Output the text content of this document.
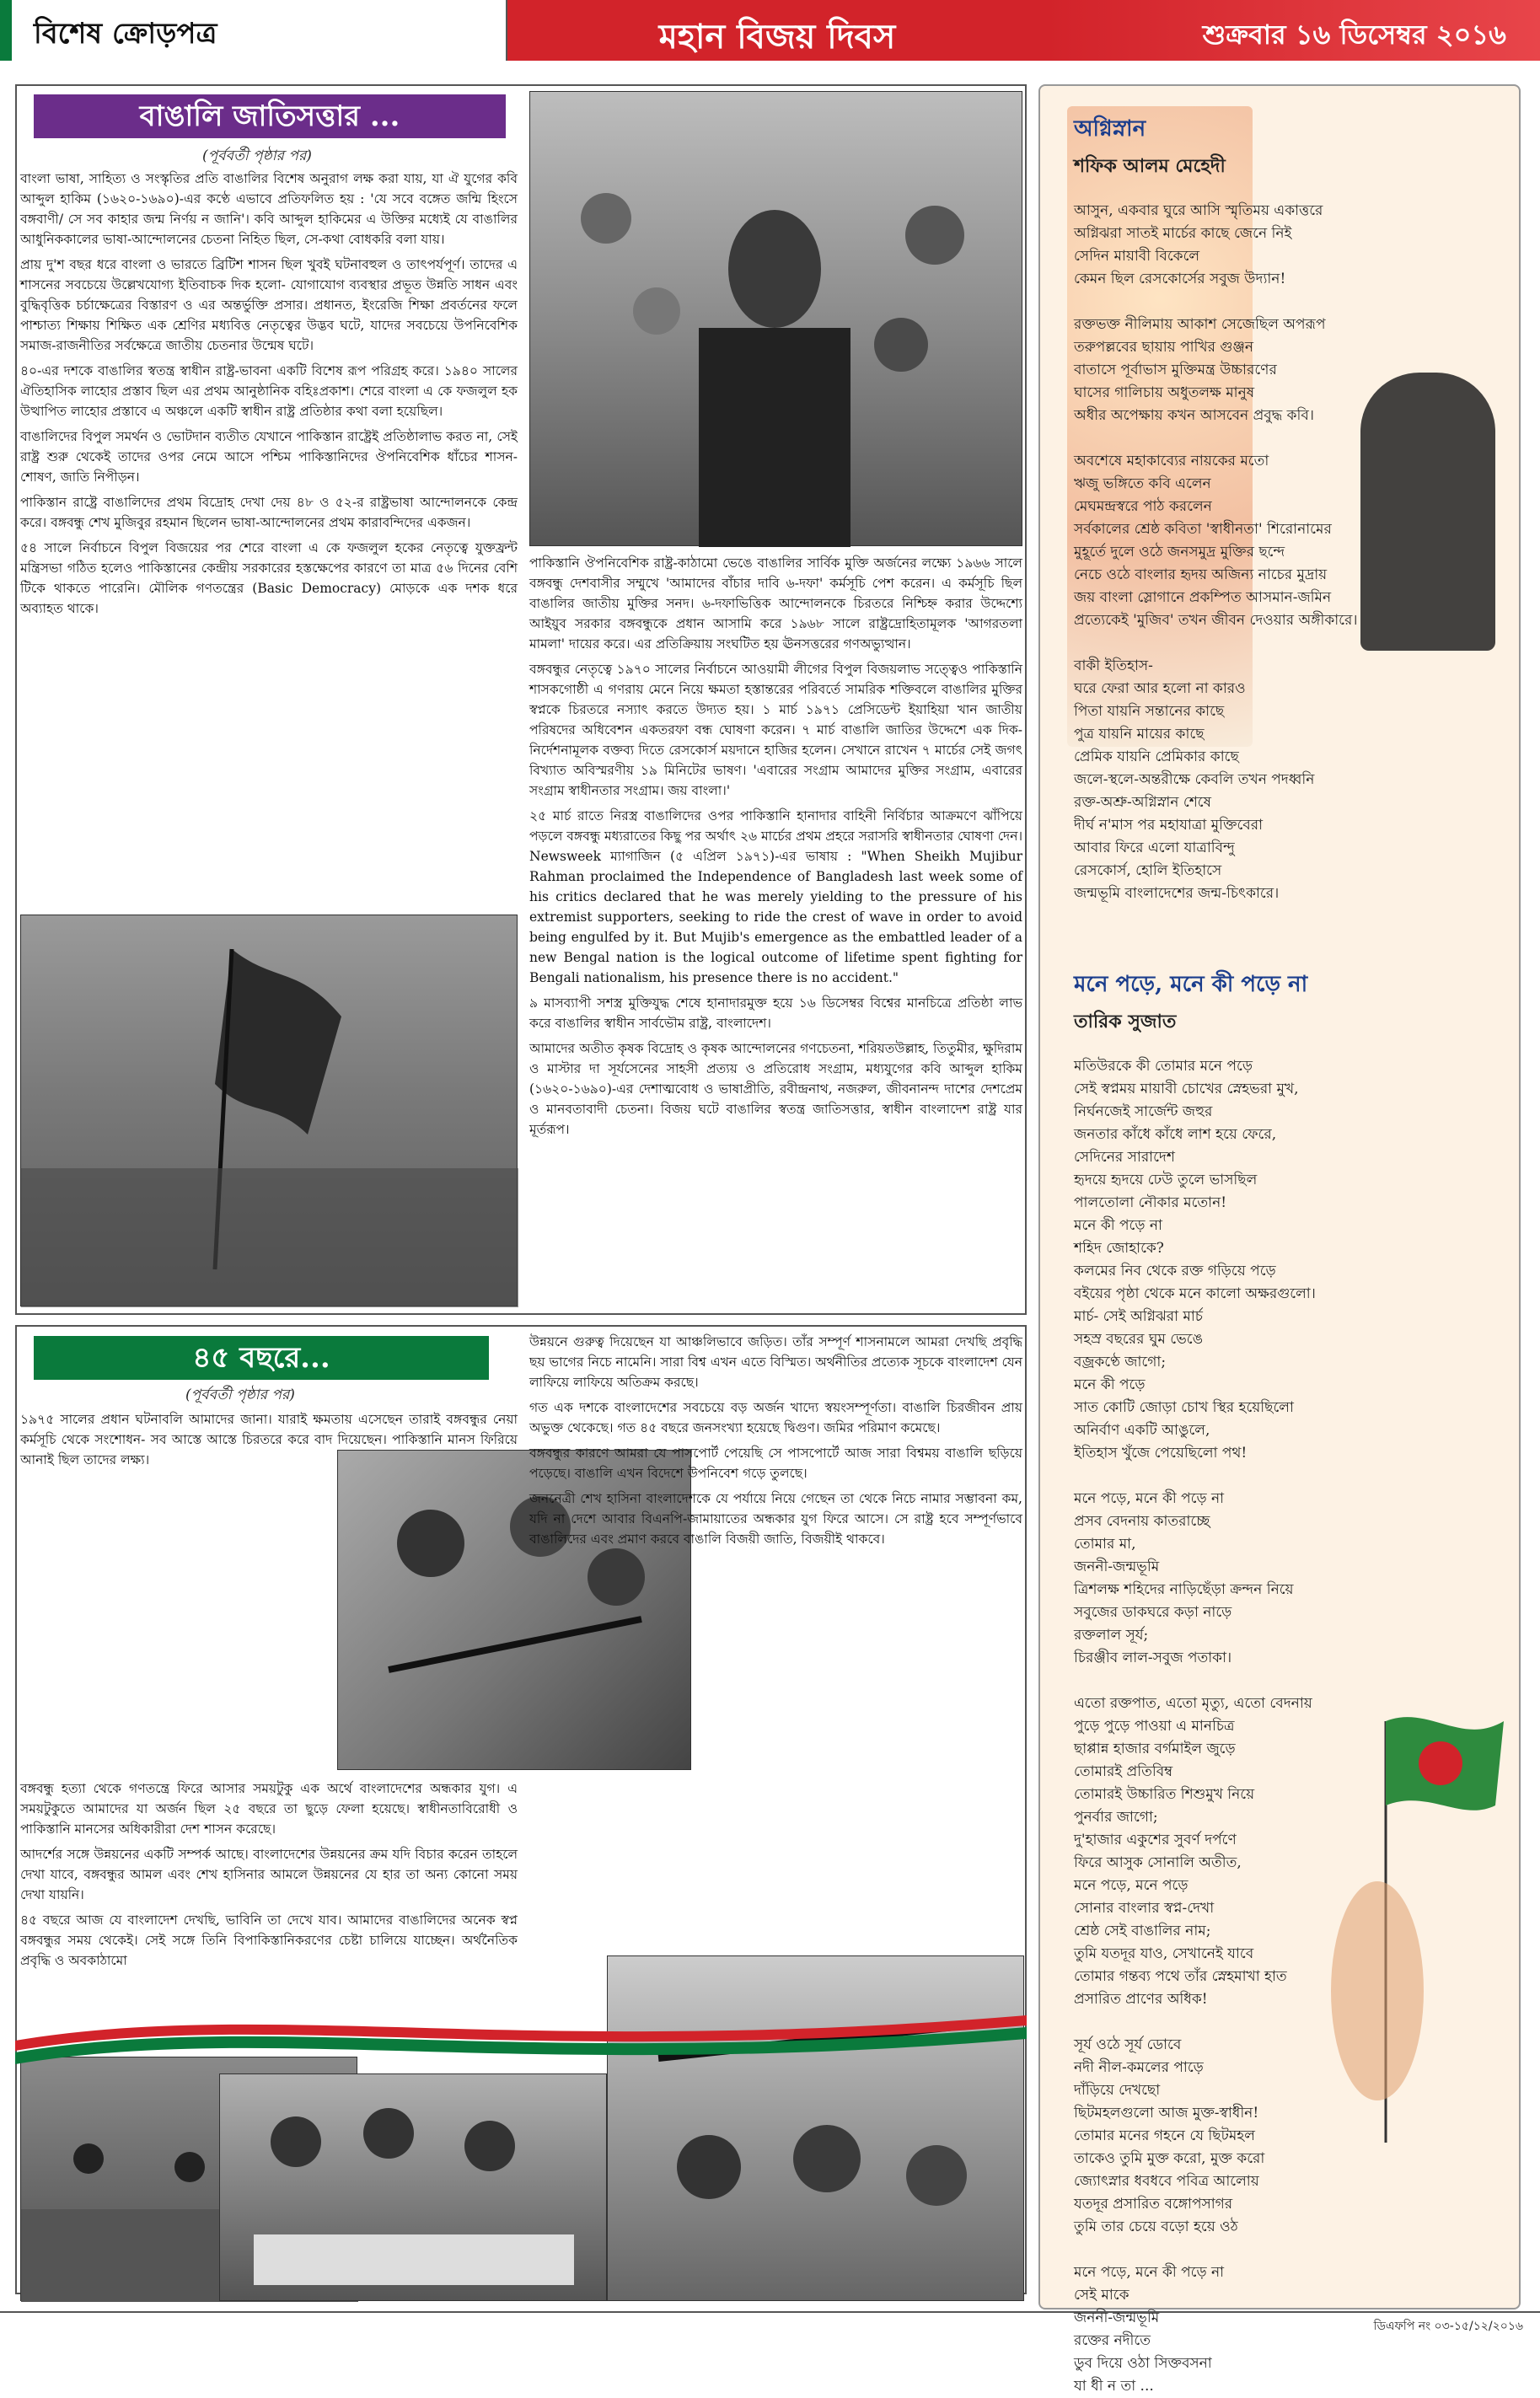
বিশেষ ক্রোড়পত্র	মহান বিজয় দিবস	শুক্রবার ১৬ ডিসেম্বর ২০১৬
বাঙালি জাতিসত্তার ...
(পূর্ববর্তী পৃষ্ঠার পর)

বাংলা ভাষা, সাহিত্য ও সংস্কৃতির প্রতি বাঙালির বিশেষ অনুরাগ লক্ষ করা যায়, যা ঐ যুগের কবি আব্দুল হাকিম (১৬২০-১৬৯০)-এর কণ্ঠে এভাবে প্রতিফলিত হয় : 'যে সবে বঙ্গেত জন্মি হিংসে বঙ্গবাণী/ সে সব কাহার জন্ম নির্ণয় ন জানি'। কবি আব্দুল হাকিমের এ উক্তির মধ্যেই যে বাঙালির আধুনিককালের ভাষা-আন্দোলনের চেতনা নিহিত ছিল, সে-কথা বোধকরি বলা যায়।

প্রায় দু'শ বছর ধরে বাংলা ও ভারতে ব্রিটিশ শাসন ছিল খুবই ঘটনাবহুল ও তাৎপর্যপূর্ণ। তাদের এ শাসনের সবচেয়ে উল্লেখযোগ্য ইতিবাচক দিক হলো- যোগাযোগ ব্যবস্থার প্রভূত উন্নতি সাধন এবং বুদ্ধিবৃত্তিক চর্চাক্ষেত্রের বিস্তারণ ও এর অন্তর্ভুক্তি প্রসার। প্রধানত, ইংরেজি শিক্ষা প্রবর্তনের ফলে পাশ্চাত্য শিক্ষায় শিক্ষিত এক শ্রেণির মধ্যবিত্ত নেতৃত্বের উদ্ভব ঘটে, যাদের সবচেয়ে উপনিবেশিক সমাজ-রাজনীতির সর্বক্ষেত্রে জাতীয় চেতনার উন্মেষ ঘটে।

৪০-এর দশকে বাঙালির স্বতন্ত্র স্বাধীন রাষ্ট্র-ভাবনা একটি বিশেষ রূপ পরিগ্রহ করে। ১৯৪০ সালের ঐতিহাসিক লাহোর প্রস্তাব ছিল এর প্রথম আনুষ্ঠানিক বহিঃপ্রকাশ। শেরে বাংলা এ কে ফজলুল হক উত্থাপিত লাহোর প্রস্তাবে এ অঞ্চলে একটি স্বাধীন রাষ্ট্র প্রতিষ্ঠার কথা বলা হয়েছিল।

বাঙালিদের বিপুল সমর্থন ও ভোটদান ব্যতীত যেখানে পাকিস্তান রাষ্ট্রেই প্রতিষ্ঠালাভ করত না, সেই রাষ্ট্র শুরু থেকেই তাদের ওপর নেমে আসে পশ্চিম পাকিস্তানিদের ঔপনিবেশিক ধাঁচের শাসন-শোষণ, জাতি নিপীড়ন।

পাকিস্তান রাষ্ট্রে বাঙালিদের প্রথম বিদ্রোহ দেখা দেয় ৪৮ ও ৫২-র রাষ্ট্রভাষা আন্দোলনকে কেন্দ্র করে। বঙ্গবন্ধু শেখ মুজিবুর রহমান ছিলেন ভাষা-আন্দোলনের প্রথম কারাবন্দিদের একজন।

৫৪ সালে নির্বাচনে বিপুল বিজয়ের পর শেরে বাংলা এ কে ফজলুল হকের নেতৃত্বে যুক্তফ্রন্ট মন্ত্রিসভা গঠিত হলেও পাকিস্তানের কেন্দ্রীয় সরকারের হস্তক্ষেপের কারণে তা মাত্র ৫৬ দিনের বেশি টিকে থাকতে পারেনি। মৌলিক গণতন্ত্রের (Basic Democracy) মোড়কে এক দশক ধরে অব্যাহত থাকে।

পাকিস্তানি ঔপনিবেশিক রাষ্ট্র-কাঠামো ভেঙে বাঙালির সার্বিক মুক্তি অর্জনের লক্ষ্যে ১৯৬৬ সালে বঙ্গবন্ধু দেশবাসীর সম্মুখে 'আমাদের বাঁচার দাবি ৬-দফা' কর্মসূচি পেশ করেন। এ কর্মসূচি ছিল বাঙালির জাতীয় মুক্তির সনদ। ৬-দফাভিত্তিক আন্দোলনকে চিরতরে নিশ্চিহ্ন করার উদ্দেশ্যে আইয়ুব সরকার বঙ্গবন্ধুকে প্রধান আসামি করে ১৯৬৮ সালে রাষ্ট্রদ্রোহিতামূলক 'আগরতলা মামলা' দায়ের করে। এর প্রতিক্রিয়ায় সংঘটিত হয় ঊনসত্তরের গণঅভ্যুত্থান।

বঙ্গবন্ধুর নেতৃত্বে ১৯৭০ সালের নির্বাচনে আওয়ামী লীগের বিপুল বিজয়লাভ সত্ত্বেও পাকিস্তানি শাসকগোষ্ঠী এ গণরায় মেনে নিয়ে ক্ষমতা হস্তান্তরের পরিবর্তে সামরিক শক্তিবলে বাঙালির মুক্তির স্বপ্নকে চিরতরে নস্যাৎ করতে উদ্যত হয়। ১ মার্চ ১৯৭১ প্রেসিডেন্ট ইয়াহিয়া খান জাতীয় পরিষদের অধিবেশন একতরফা বন্ধ ঘোষণা করেন। ৭ মার্চ বাঙালি জাতির উদ্দেশে এক দিক-নির্দেশনামূলক বক্তব্য দিতে রেসকোর্স ময়দানে হাজির হলেন। সেখানে রাখেন ৭ মার্চের সেই জগৎ বিখ্যাত অবিস্মরণীয় ১৯ মিনিটের ভাষণ। 'এবারের সংগ্রাম আমাদের মুক্তির সংগ্রাম, এবারের সংগ্রাম স্বাধীনতার সংগ্রাম। জয় বাংলা।'

২৫ মার্চ রাতে নিরস্ত্র বাঙালিদের ওপর পাকিস্তানি হানাদার বাহিনী নির্বিচার আক্রমণে ঝাঁপিয়ে পড়লে বঙ্গবন্ধু মধ্যরাতের কিছু পর অর্থাৎ ২৬ মার্চের প্রথম প্রহরে সরাসরি স্বাধীনতার ঘোষণা দেন। Newsweek ম্যাগাজিন (৫ এপ্রিল ১৯৭১)-এর ভাষায় : "When Sheikh Mujibur Rahman proclaimed the Independence of Bangladesh last week some of his critics declared that he was merely yielding to the pressure of his extremist supporters, seeking to ride the crest of wave in order to avoid being engulfed by it. But Mujib's emergence as the embattled leader of a new Bengal nation is the logical outcome of lifetime spent fighting for Bengali nationalism, his presence there is no accident."

৯ মাসব্যাপী সশস্ত্র মুক্তিযুদ্ধ শেষে হানাদারমুক্ত হয়ে ১৬ ডিসেম্বর বিশ্বের মানচিত্রে প্রতিষ্ঠা লাভ করে বাঙালির স্বাধীন সার্বভৌম রাষ্ট্র, বাংলাদেশ।

আমাদের অতীত কৃষক বিদ্রোহ ও কৃষক আন্দোলনের গণচেতনা, শরিয়তউল্লাহ, তিতুমীর, ক্ষুদিরাম ও মাস্টার দা সূর্যসেনের সাহসী প্রত্যয় ও প্রতিরোধ সংগ্রাম, মধ্যযুগের কবি আব্দুল হাকিম (১৬২০-১৬৯০)-এর দেশাত্মবোধ ও ভাষাপ্রীতি, রবীন্দ্রনাথ, নজরুল, জীবনানন্দ দাশের দেশপ্রেম ও মানবতাবাদী চেতনা। বিজয় ঘটে বাঙালির স্বতন্ত্র জাতিসত্তার, স্বাধীন বাংলাদেশ রাষ্ট্র যার মূর্তরূপ।

৪৫ বছরে...
(পূর্ববর্তী পৃষ্ঠার পর)

১৯৭৫ সালের প্রধান ঘটনাবলি আমাদের জানা। যারাই ক্ষমতায় এসেছেন তারাই বঙ্গবন্ধুর নেয়া কর্মসূচি থেকে সংশোধন- সব আস্তে আস্তে চিরতরে করে বাদ দিয়েছেন। পাকিস্তানি মানস ফিরিয়ে আনাই ছিল তাদের লক্ষ্য।

বঙ্গবন্ধু হত্যা থেকে গণতন্ত্রে ফিরে আসার সময়টুকু এক অর্থে বাংলাদেশের অন্ধকার যুগ। এ সময়টুকুতে আমাদের যা অর্জন ছিল ২৫ বছরে তা ছুড়ে ফেলা হয়েছে। স্বাধীনতাবিরোধী ও পাকিস্তানি মানসের অধিকারীরা দেশ শাসন করেছে।

আদর্শের সঙ্গে উন্নয়নের একটি সম্পর্ক আছে। বাংলাদেশের উন্নয়নের ক্রম যদি বিচার করেন তাহলে দেখা যাবে, বঙ্গবন্ধুর আমল এবং শেখ হাসিনার আমলে উন্নয়নের যে হার তা অন্য কোনো সময় দেখা যায়নি।

৪৫ বছরে আজ যে বাংলাদেশ দেখছি, ভাবিনি তা দেখে যাব। আমাদের বাঙালিদের অনেক স্বপ্ন বঙ্গবন্ধুর সময় থেকেই। সেই সঙ্গে তিনি বিপাকিস্তানিকরণের চেষ্টা চালিয়ে যাচ্ছেন। অর্থনৈতিক প্রবৃদ্ধি ও অবকাঠামো

উন্নয়নে গুরুত্ব দিয়েছেন যা আঞ্চলিভাবে জড়িত। তাঁর সম্পূর্ণ শাসনামলে আমরা দেখছি প্রবৃদ্ধি ছয় ভাগের নিচে নামেনি। সারা বিশ্ব এখন এতে বিস্মিত। অর্থনীতির প্রত্যেক সূচকে বাংলাদেশ যেন লাফিয়ে লাফিয়ে অতিক্রম করছে।

গত এক দশকে বাংলাদেশের সবচেয়ে বড় অর্জন খাদ্যে স্বয়ংসম্পূর্ণতা। বাঙালি চিরজীবন প্রায় অভুক্ত থেকেছে। গত ৪৫ বছরে জনসংখ্যা হয়েছে দ্বিগুণ। জমির পরিমাণ কমেছে।

বঙ্গবন্ধুর কারণে আমরা যে পাসপোর্ট পেয়েছি সে পাসপোর্টে আজ সারা বিশ্বময় বাঙালি ছড়িয়ে পড়েছে। বাঙালি এখন বিদেশে উপনিবেশ গড়ে তুলছে।

জননেত্রী শেখ হাসিনা বাংলাদেশকে যে পর্যায়ে নিয়ে গেছেন তা থেকে নিচে নামার সম্ভাবনা কম, যদি না দেশে আবার বিএনপি-জামায়াতের অন্ধকার যুগ ফিরে আসে। সে রাষ্ট্র হবে সম্পূর্ণভাবে বাঙালিদের এবং প্রমাণ করবে বাঙালি বিজয়ী জাতি, বিজয়ীই থাকবে।

অগ্নিস্নান
শফিক আলম মেহেদী
আসুন, একবার ঘুরে আসি স্মৃতিময় একাত্তরে
অগ্নিঝরা সাতই মার্চের কাছে জেনে নিই
সেদিন মায়াবী বিকেলে
কেমন ছিল রেসকোর্সের সবুজ উদ্যান!

রক্তভক্ত নীলিমায় আকাশ সেজেছিল অপরূপ
তরুপল্লবের ছায়ায় পাখির গুঞ্জন
বাতাসে পূর্বাভাস মুক্তিমন্ত্র উচ্চারণের
ঘাসের গালিচায় অধুতলক্ষ মানুষ
অধীর অপেক্ষায় কখন আসবেন প্রবুদ্ধ কবি।

অবশেষে মহাকাব্যের নায়কের মতো
ঋজু ভঙ্গিতে কবি এলেন
মেঘমন্দ্রস্বরে পাঠ করলেন
সর্বকালের শ্রেষ্ঠ কবিতা 'স্বাধীনতা' শিরোনামের
মুহূর্তে দুলে ওঠে জনসমুদ্র মুক্তির ছন্দে
নেচে ওঠে বাংলার হৃদয় অজিন্য নাচের মুদ্রায়
জয় বাংলা স্লোগানে প্রকম্পিত আসমান-জমিন
প্রত্যেকেই 'মুজিব' তখন জীবন দেওয়ার অঙ্গীকারে।

বাকী ইতিহাস-
ঘরে ফেরা আর হলো না কারও
পিতা যায়নি সন্তানের কাছে
পুত্র যায়নি মায়ের কাছে
প্রেমিক যায়নি প্রেমিকার কাছে
জলে-স্থলে-অন্তরীক্ষে কেবলি তখন পদধ্বনি
রক্ত-অশ্রু-অগ্নিস্নান শেষে
দীর্ঘ ন'মাস পর মহাযাত্রা মুক্তিবেরা
আবার ফিরে এলো যাত্রাবিন্দু
রেসকোর্স, হোলি ইতিহাসে
জন্মভূমি বাংলাদেশের জন্ম-চিৎকারে।
মনে পড়ে, মনে কী পড়ে না
তারিক সুজাত
মতিউরকে কী তোমার মনে পড়ে
সেই স্বপ্নময় মায়াবী চোখের স্নেহভরা মুখ,
নির্ঘনজেই সার্জেন্ট জহুর
জনতার কাঁধে কাঁধে লাশ হয়ে ফেরে,
সেদিনের সারাদেশ
হৃদয়ে হৃদয়ে ঢেউ তুলে ভাসছিল
পালতোলা নৌকার মতোন!
মনে কী পড়ে না
শহিদ জোহাকে?
কলমের নিব থেকে রক্ত গড়িয়ে পড়ে
বইয়ের পৃষ্ঠা থেকে মনে কালো অক্ষরগুলো।
মার্চ- সেই অগ্নিঝরা মার্চ
সহস্র বছরের ঘুম ভেঙে
বজ্রকণ্ঠে জাগো;
মনে কী পড়ে
সাত কোটি জোড়া চোখ স্থির হয়েছিলো
অনির্বাণ একটি আঙুলে,
ইতিহাস খুঁজে পেয়েছিলো পথ!

মনে পড়ে, মনে কী পড়ে না
প্রসব বেদনায় কাতরাচ্ছে
তোমার মা,
জননী-জন্মভূমি
ত্রিশলক্ষ শহিদের নাড়িছেঁড়া ক্রন্দন নিয়ে
সবুজের ডাকঘরে কড়া নাড়ে
রক্তলাল সূর্য;
চিরঞ্জীব লাল-সবুজ পতাকা।

এতো রক্তপাত, এতো মৃত্যু, এতো বেদনায়
পুড়ে পুড়ে পাওয়া এ মানচিত্র
ছাপ্পান্ন হাজার বর্গমাইল জুড়ে
তোমারই প্রতিবিম্ব
তোমারই উচ্চারিত শিশুমুখ নিয়ে
পুনর্বার জাগো;
দু'হাজার একুশের সুবর্ণ দর্পণে
ফিরে আসুক সোনালি অতীত,
মনে পড়ে, মনে পড়ে
সোনার বাংলার স্বপ্ন-দেখা
শ্রেষ্ঠ সেই বাঙালির নাম;
তুমি যতদূর যাও, সেখানেই যাবে
তোমার গন্তব্য পথে তাঁর স্নেহমাখা হাত
প্রসারিত প্রাণের অধিক!

সূর্য ওঠে সূর্য ডোবে
নদী নীল-কমলের পাড়ে
দাঁড়িয়ে দেখছো
ছিটমহলগুলো আজ মুক্ত-স্বাধীন!
তোমার মনের গহনে যে ছিটমহল
তাকেও তুমি মুক্ত করো, মুক্ত করো
জ্যোৎস্নার ধবধবে পবিত্র আলোয়
যতদূর প্রসারিত বঙ্গোপসাগর
তুমি তার চেয়ে বড়ো হয়ে ওঠ

মনে পড়ে, মনে কী পড়ে না
সেই মাকে
জননী-জন্মভূমি
রক্তের নদীতে
ডুব দিয়ে ওঠা সিক্তবসনা
যা ধী ন তা ...
ডিএফপি নং ০৩-১৫/১২/২০১৬
